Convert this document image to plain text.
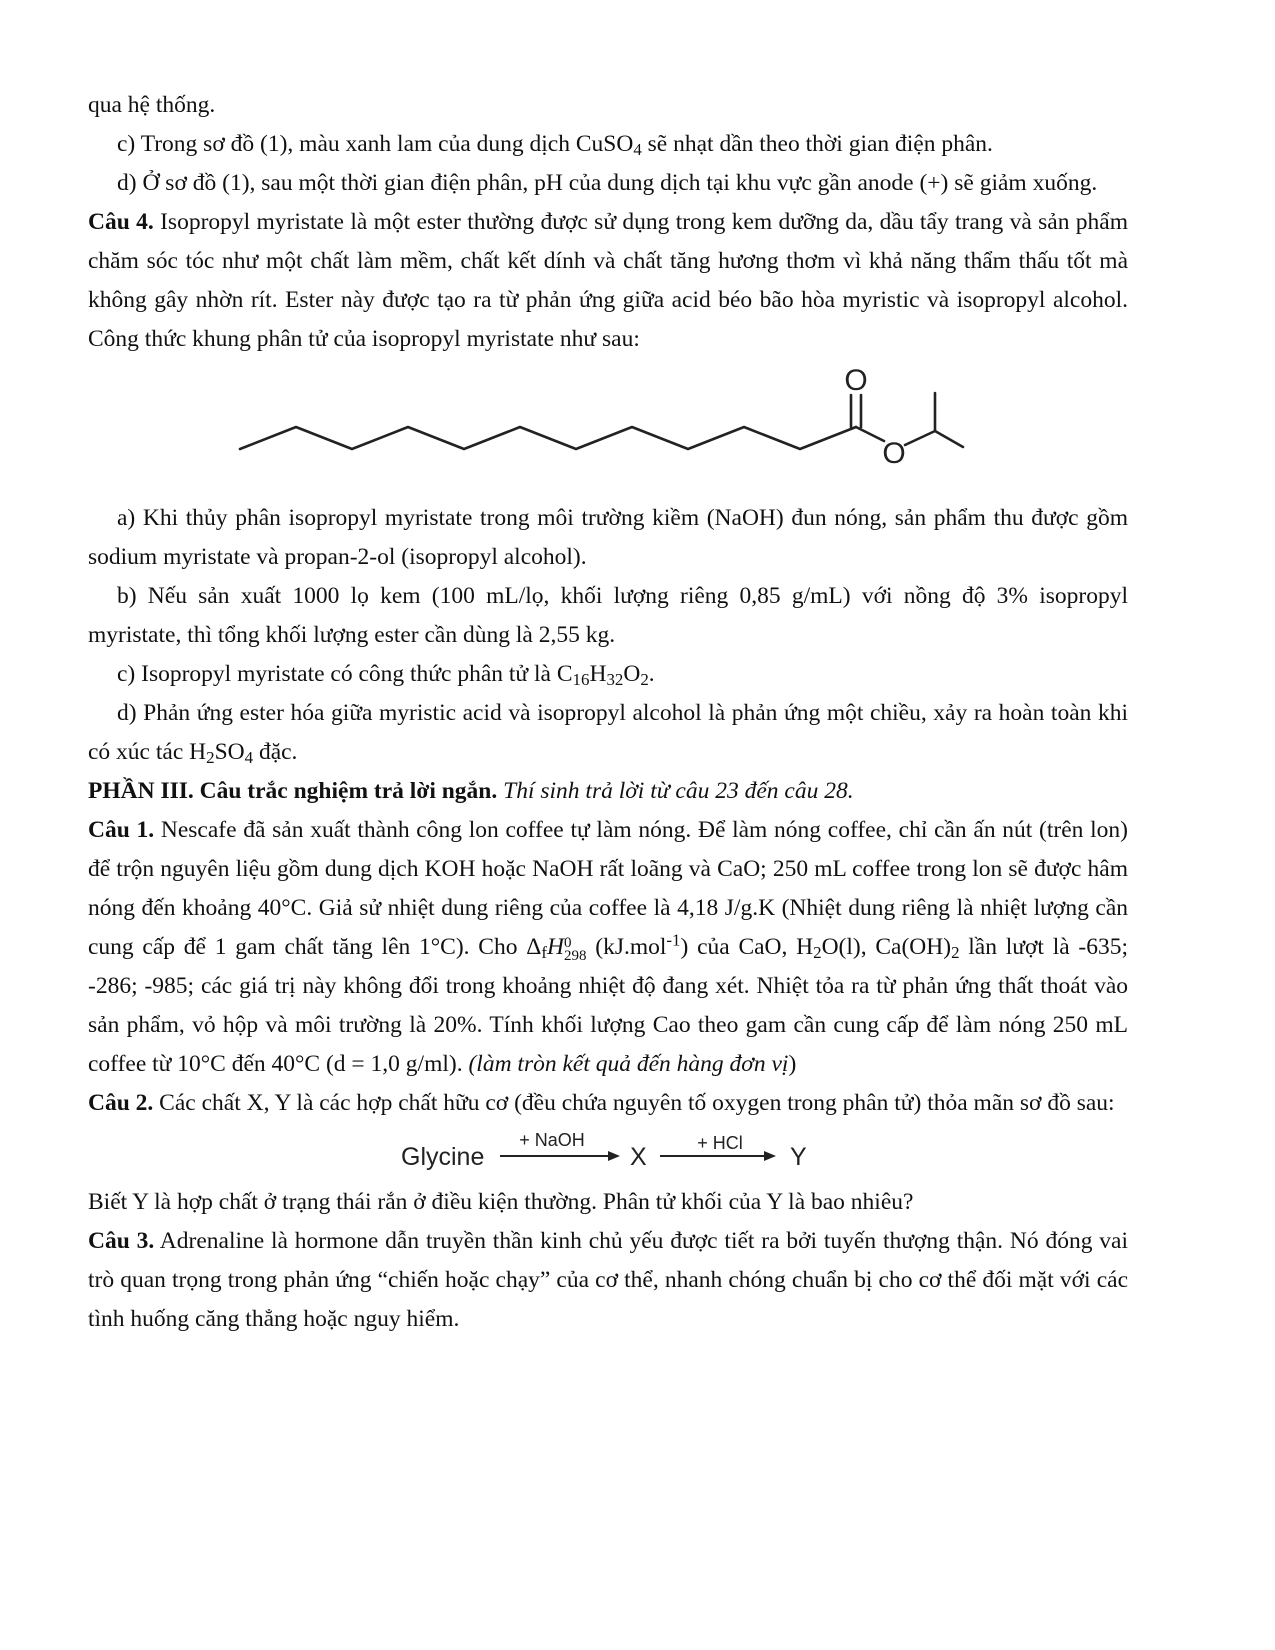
qua hệ thống.

c) Trong sơ đồ (1), màu xanh lam của dung dịch CuSO$_4$ sẽ nhạt dần theo thời gian điện phân.

d) Ở sơ đồ (1), sau một thời gian điện phân, pH của dung dịch tại khu vực gần anode (+) sẽ giảm xuống.

Câu 4. Isopropyl myristate là một ester thường được sử dụng trong kem dưỡng da, dầu tẩy trang và sản phẩm chăm sóc tóc như một chất làm mềm, chất kết dính và chất tăng hương thơm vì khả năng thẩm thấu tốt mà không gây nhờn rít. Ester này được tạo ra từ phản ứng giữa acid béo bão hòa myristic và isopropyl alcohol. Công thức khung phân tử của isopropyl myristate như sau:

O
O

a) Khi thủy phân isopropyl myristate trong môi trường kiềm (NaOH) đun nóng, sản phẩm thu được gồm sodium myristate và propan-2-ol (isopropyl alcohol).

b) Nếu sản xuất 1000 lọ kem (100 mL/lọ, khối lượng riêng 0,85 g/mL) với nồng độ 3% isopropyl myristate, thì tổng khối lượng ester cần dùng là 2,55 kg.

c) Isopropyl myristate có công thức phân tử là $C_{16}H_{32}O_2$.

d) Phản ứng ester hóa giữa myristic acid và isopropyl alcohol là phản ứng một chiều, xảy ra hoàn toàn khi có xúc tác $H_2SO_4$ đặc.

PHẦN III. Câu trắc nghiệm trả lời ngắn. Thí sinh trả lời từ câu 23 đến câu 28.

Câu 1. Nescafe đã sản xuất thành công lon coffee tự làm nóng. Để làm nóng coffee, chỉ cần ấn nút (trên lon) để trộn nguyên liệu gồm dung dịch KOH hoặc NaOH rất loãng và CaO; 250 mL coffee trong lon sẽ được hâm nóng đến khoảng 40°C. Giả sử nhiệt dung riêng của coffee là 4,18 J/g.K (Nhiệt dung riêng là nhiệt lượng cần cung cấp để 1 gam chất tăng lên 1°C). Cho $\Delta_fH$ 0
298 (kJ.mol$^{-1}$) của CaO, $H_2O(l)$, $Ca(OH)_2$ lần lượt là -635; -286; -985; các giá trị này không đổi trong khoảng nhiệt độ đang xét. Nhiệt tỏa ra từ phản ứng thất thoát vào sản phẩm, vỏ hộp và môi trường là 20%. Tính khối lượng Cao theo gam cần cung cấp để làm nóng 250 mL coffee từ 10°C đến 40°C (d = 1,0 g/ml). (làm tròn kết quả đến hàng đơn vị)

Câu 2. Các chất X, Y là các hợp chất hữu cơ (đều chứa nguyên tố oxygen trong phân tử) thỏa mãn sơ đồ sau:

Glycine
+ NaOH
X	+ HCl Y

Biết Y là hợp chất ở trạng thái rắn ở điều kiện thường. Phân tử khối của Y là bao nhiêu?

Câu 3. Adrenaline là hormone dẫn truyền thần kinh chủ yếu được tiết ra bởi tuyến thượng thận. Nó đóng vai trò quan trọng trong phản ứng “chiến hoặc chạy” của cơ thể, nhanh chóng chuẩn bị cho cơ thể đối mặt với các tình huống căng thẳng hoặc nguy hiểm.
